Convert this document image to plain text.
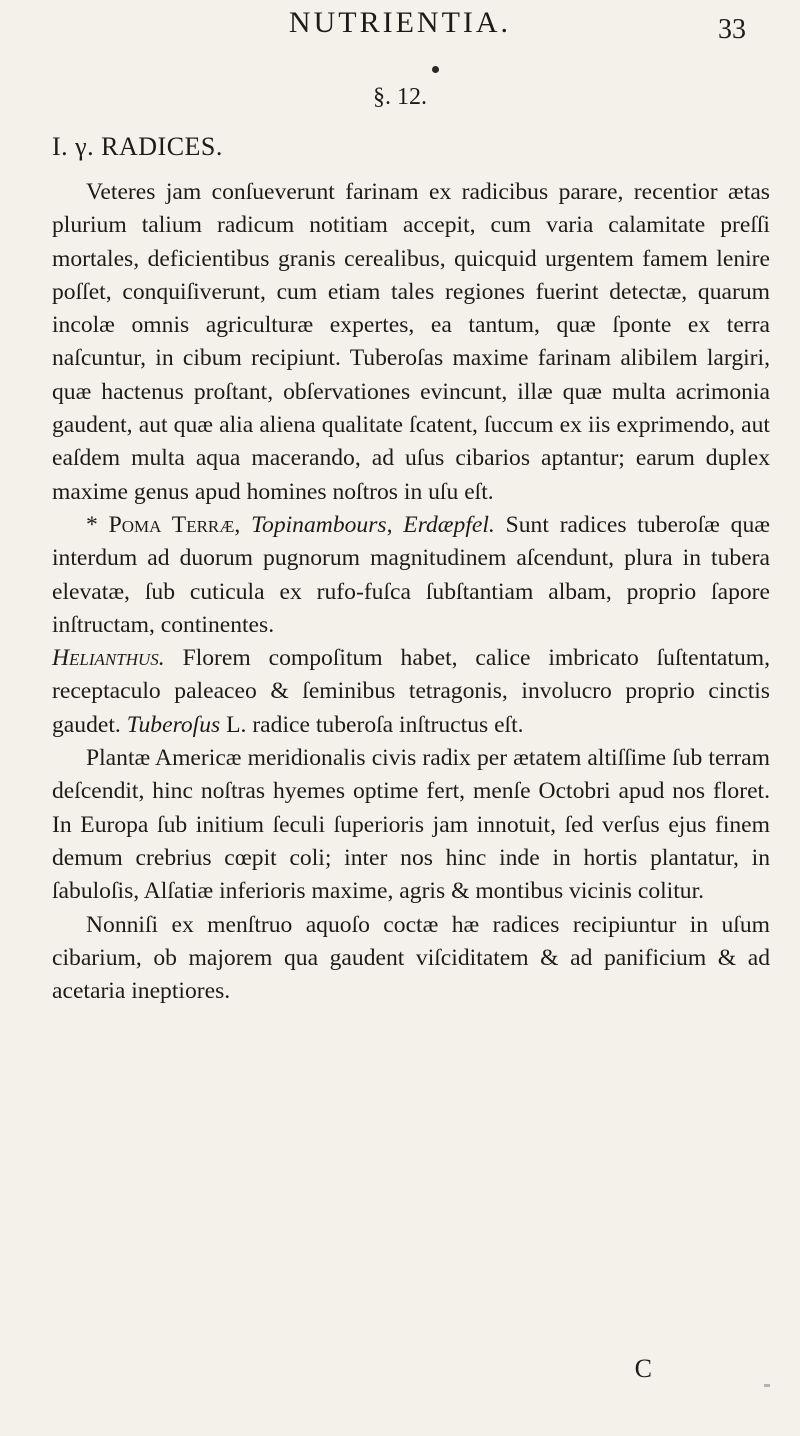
NUTRIENTIA.	33
§. 12.
I. γ. RADICES.

Veteres jam conſueverunt farinam ex radicibus parare, recentior ætas plurium talium radicum notitiam accepit, cum varia calamitate preſſi mortales, deficientibus granis cerealibus, quicquid urgentem famem lenire poſſet, conquiſiverunt, cum etiam tales regiones fuerint detectæ, quarum incolæ omnis agriculturæ expertes, ea tantum, quæ ſponte ex terra naſcuntur, in cibum recipiunt. Tuberoſas maxime farinam alibilem largiri, quæ hactenus proſtant, obſervationes evincunt, illæ quæ multa acrimonia gaudent, aut quæ alia aliena qualitate ſcatent, ſuccum ex iis exprimendo, aut eaſdem multa aqua macerando, ad uſus cibarios aptantur; earum duplex maxime genus apud homines noſtros in uſu eſt.

* Poma Terræ, Topinambours, Erdæpfel. Sunt radices tuberoſæ quæ interdum ad duorum pugnorum magnitudinem aſcendunt, plura in tubera elevatæ, ſub cuticula ex rufo-fuſca ſubſtantiam albam, proprio ſapore inſtructam, continentes.

Helianthus. Florem compoſitum habet, calice imbricato ſuſtentatum, receptaculo paleaceo & ſeminibus tetragonis, involucro proprio cinctis gaudet. Tuberoſus L. radice tuberoſa inſtructus eſt.

Plantæ Americæ meridionalis civis radix per ætatem altiſſime ſub terram deſcendit, hinc noſtras hyemes optime fert, menſe Octobri apud nos floret. In Europa ſub initium ſeculi ſuperioris jam innotuit, ſed verſus ejus finem demum crebrius cœpit coli; inter nos hinc inde in hortis plantatur, in ſabuloſis, Alſatiæ inferioris maxime, agris & montibus vicinis colitur.

Nonniſi ex menſtruo aquoſo coctæ hæ radices recipiuntur in uſum cibarium, ob majorem qua gaudent viſciditatem & ad panificium & ad acetaria ineptiores.

C
